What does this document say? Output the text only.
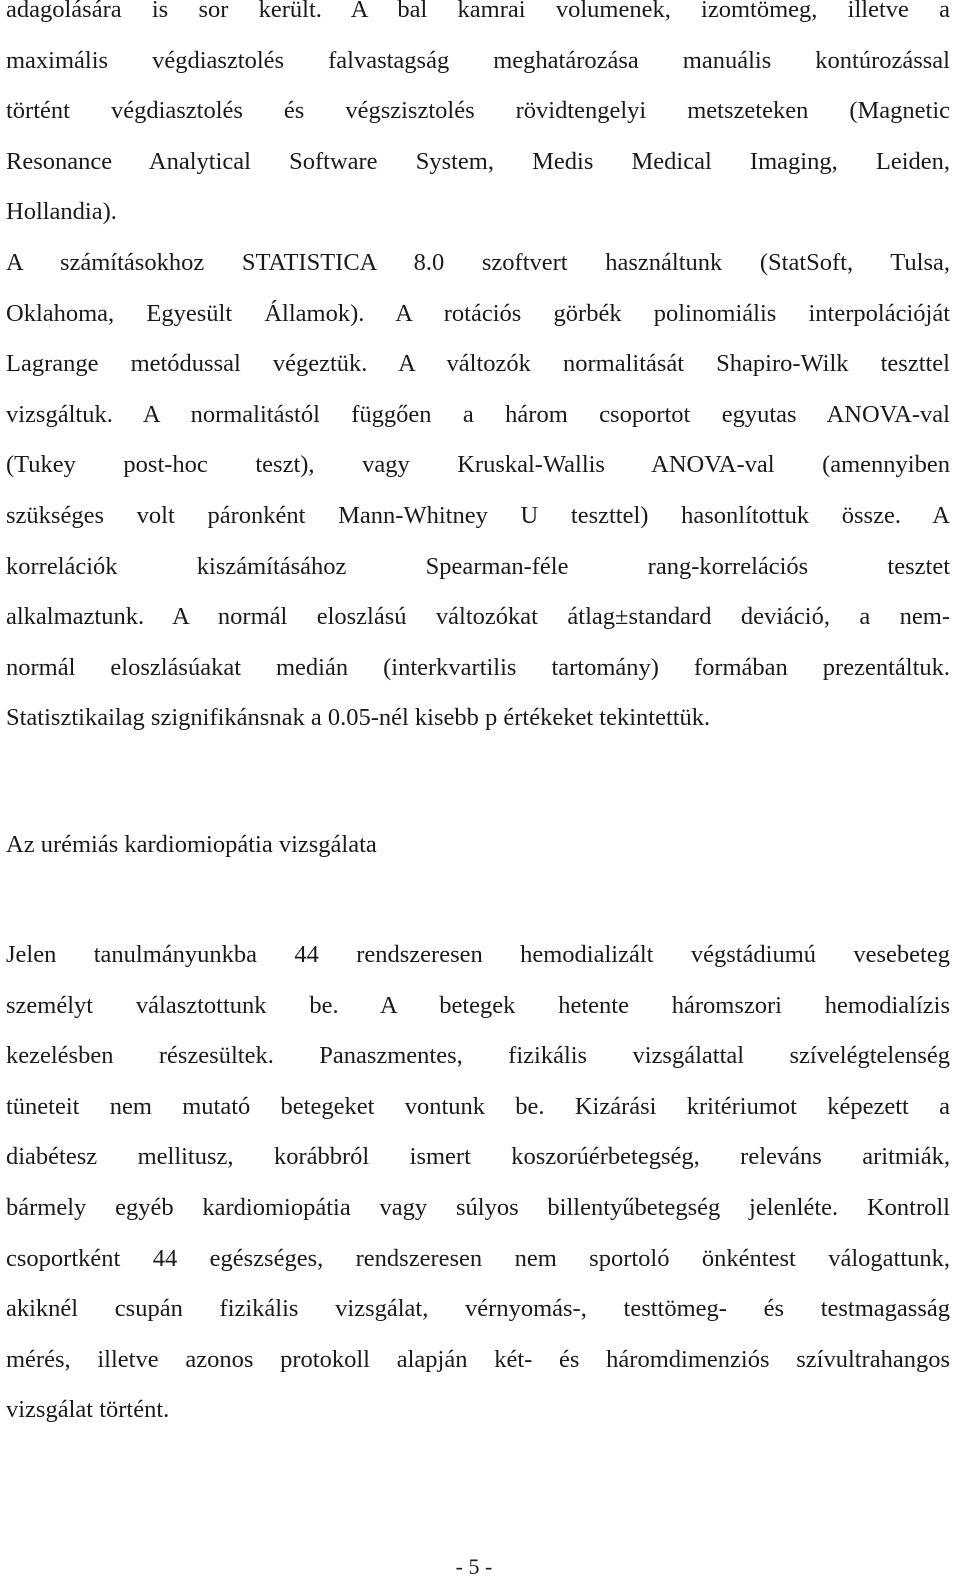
adagolására is sor került. A bal kamrai volumenek, izomtömeg, illetve a
maximális végdiasztolés falvastagság meghatározása manuális kontúrozással
történt végdiasztolés és végszisztolés rövidtengelyi metszeteken (Magnetic
Resonance Analytical Software System, Medis Medical Imaging, Leiden,
Hollandia).
A számításokhoz STATISTICA 8.0 szoftvert használtunk (StatSoft, Tulsa,
Oklahoma, Egyesült Államok). A rotációs görbék polinomiális interpolációját
Lagrange metódussal végeztük. A változók normalitását Shapiro-Wilk teszttel
vizsgáltuk. A normalitástól függően a három csoportot egyutas ANOVA-val
(Tukey post-hoc teszt), vagy Kruskal-Wallis ANOVA-val (amennyiben
szükséges volt páronként Mann-Whitney U teszttel) hasonlítottuk össze. A
korrelációk kiszámításához Spearman-féle rang-korrelációs tesztet
alkalmaztunk. A normál eloszlású változókat átlag±standard deviáció, a nem-
normál eloszlásúakat medián (interkvartilis tartomány) formában prezentáltuk.
Statisztikailag szignifikánsnak a 0.05-nél kisebb p értékeket tekintettük.
Az urémiás kardiomiopátia vizsgálata
Jelen tanulmányunkba 44 rendszeresen hemodializált végstádiumú vesebeteg
személyt választottunk be. A betegek hetente háromszori hemodialízis
kezelésben részesültek. Panaszmentes, fizikális vizsgálattal szívelégtelenség
tüneteit nem mutató betegeket vontunk be. Kizárási kritériumot képezett a
diabétesz mellitusz, korábbról ismert koszorúérbetegség, releváns aritmiák,
bármely egyéb kardiomiopátia vagy súlyos billentyűbetegség jelenléte. Kontroll
csoportként 44 egészséges, rendszeresen nem sportoló önkéntest válogattunk,
akiknél csupán fizikális vizsgálat, vérnyomás-, testtömeg- és testmagasság
mérés, illetve azonos protokoll alapján két- és háromdimenziós szívultrahangos
vizsgálat történt.
- 5 -
